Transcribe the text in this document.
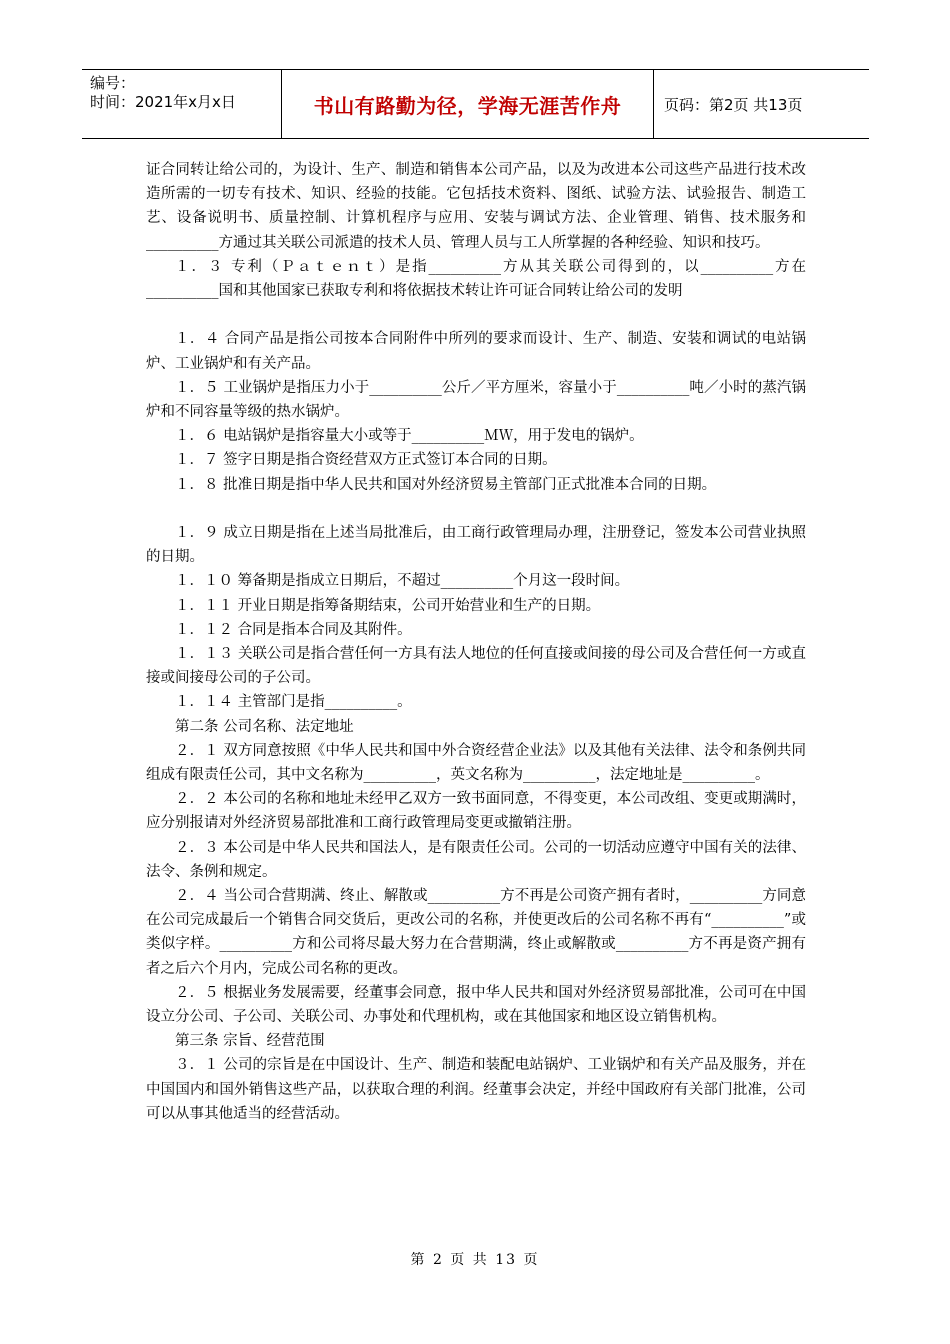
编号：
时间：2021年x月x日	书山有路勤为径，学海无涯苦作舟	页码：第2页 共13页

证合同转让给公司的，为设计、生产、制造和销售本公司产品，以及为改进本公司这些产品进行技术改造所需的一切专有技术、知识、经验的技能。它包括技术资料、图纸、试验方法、试验报告、制造工艺、设备说明书、质量控制、计算机程序与应用、安装与调试方法、企业管理、销售、技术服务和__________方通过其关联公司派遣的技术人员、管理人员与工人所掌握的各种经验、知识和技巧。

１．３ 专利（Ｐａｔｅｎｔ）是指__________方从其关联公司得到的，以__________方在__________国和其他国家已获取专利和将依据技术转让许可证合同转让给公司的发明

１．４ 合同产品是指公司按本合同附件中所列的要求而设计、生产、制造、安装和调试的电站锅炉、工业锅炉和有关产品。

１．５ 工业锅炉是指压力小于__________公斤／平方厘米，容量小于__________吨／小时的蒸汽锅炉和不同容量等级的热水锅炉。

１．６ 电站锅炉是指容量大小或等于__________ＭＷ，用于发电的锅炉。

１．７ 签字日期是指合资经营双方正式签订本合同的日期。

１．８ 批准日期是指中华人民共和国对外经济贸易主管部门正式批准本合同的日期。

１．９ 成立日期是指在上述当局批准后，由工商行政管理局办理，注册登记，签发本公司营业执照的日期。

１．１０ 筹备期是指成立日期后，不超过__________个月这一段时间。

１．１１ 开业日期是指筹备期结束，公司开始营业和生产的日期。

１．１２ 合同是指本合同及其附件。

１．１３ 关联公司是指合营任何一方具有法人地位的任何直接或间接的母公司及合营任何一方或直接或间接母公司的子公司。

１．１４ 主管部门是指__________。

第二条 公司名称、法定地址

２．１ 双方同意按照《中华人民共和国中外合资经营企业法》以及其他有关法律、法令和条例共同组成有限责任公司，其中文名称为__________，英文名称为__________，法定地址是__________。

２．２ 本公司的名称和地址未经甲乙双方一致书面同意，不得变更，本公司改组、变更或期满时，应分别报请对外经济贸易部批准和工商行政管理局变更或撤销注册。

２．３ 本公司是中华人民共和国法人，是有限责任公司。公司的一切活动应遵守中国有关的法律、法令、条例和规定。

２．４ 当公司合营期满、终止、解散或__________方不再是公司资产拥有者时，__________方同意在公司完成最后一个销售合同交货后，更改公司的名称，并使更改后的公司名称不再有“__________”或类似字样。__________方和公司将尽最大努力在合营期满，终止或解散或__________方不再是资产拥有者之后六个月内，完成公司名称的更改。

２．５ 根据业务发展需要，经董事会同意，报中华人民共和国对外经济贸易部批准，公司可在中国设立分公司、子公司、关联公司、办事处和代理机构，或在其他国家和地区设立销售机构。

第三条 宗旨、经营范围

３．１ 公司的宗旨是在中国设计、生产、制造和装配电站锅炉、工业锅炉和有关产品及服务，并在中国国内和国外销售这些产品，以获取合理的利润。经董事会决定，并经中国政府有关部门批准，公司可以从事其他适当的经营活动。

第 2 页 共 13 页
